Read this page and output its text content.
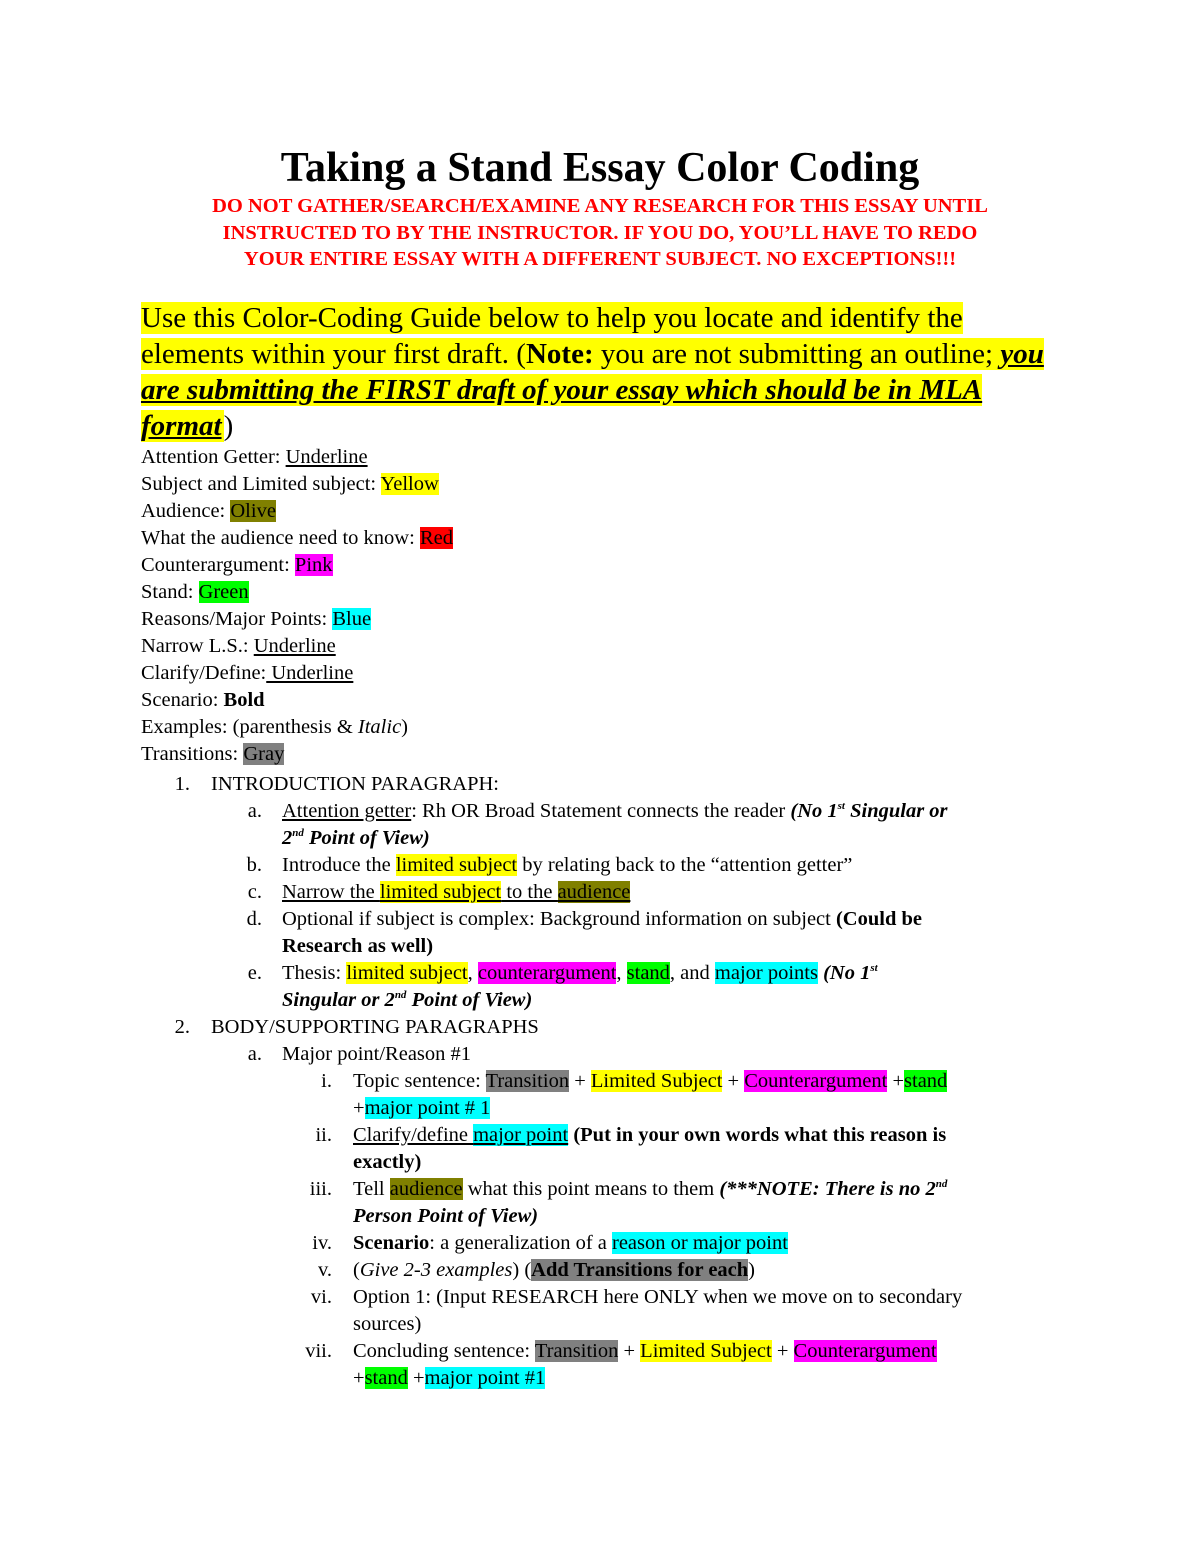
Taking a Stand Essay Color Coding
DO NOT GATHER/SEARCH/EXAMINE ANY RESEARCH FOR THIS ESSAY UNTIL
INSTRUCTED TO BY THE INSTRUCTOR. IF YOU DO, YOU’LL HAVE TO REDO
YOUR ENTIRE ESSAY WITH A DIFFERENT SUBJECT. NO EXCEPTIONS!!!
Use this Color-Coding Guide below to help you locate and identify the elements within your first draft. (Note: you are not submitting an outline; you are submitting the FIRST draft of your essay which should be in MLA format)
Attention Getter: Underline
Subject and Limited subject: Yellow
Audience: Olive
What the audience need to know: Red
Counterargument: Pink
Stand: Green
Reasons/Major Points: Blue
Narrow L.S.: Underline
Clarify/Define: Underline
Scenario: Bold
Examples: (parenthesis & Italic)
Transitions: Gray
1. INTRODUCTION PARAGRAPH:
a. Attention getter: Rh OR Broad Statement connects the reader (No 1st Singular or
2nd Point of View)
b. Introduce the limited subject by relating back to the “attention getter”
c. Narrow the limited subject to the audience
d. Optional if subject is complex: Background information on subject (Could be
Research as well)
e. Thesis: limited subject, counterargument, stand, and major points (No 1st
Singular or 2nd Point of View)
2. BODY/SUPPORTING PARAGRAPHS
a. Major point/Reason #1
i. Topic sentence: Transition + Limited Subject + Counterargument +stand
+major point # 1
ii. Clarify/define major point (Put in your own words what this reason is
exactly)
iii. Tell audience what this point means to them (***NOTE: There is no 2nd
Person Point of View)
iv. Scenario: a generalization of a reason or major point
v. (Give 2-3 examples) (Add Transitions for each)
vi. Option 1: (Input RESEARCH here ONLY when we move on to secondary
sources)
vii. Concluding sentence: Transition + Limited Subject + Counterargument
+stand +major point #1
